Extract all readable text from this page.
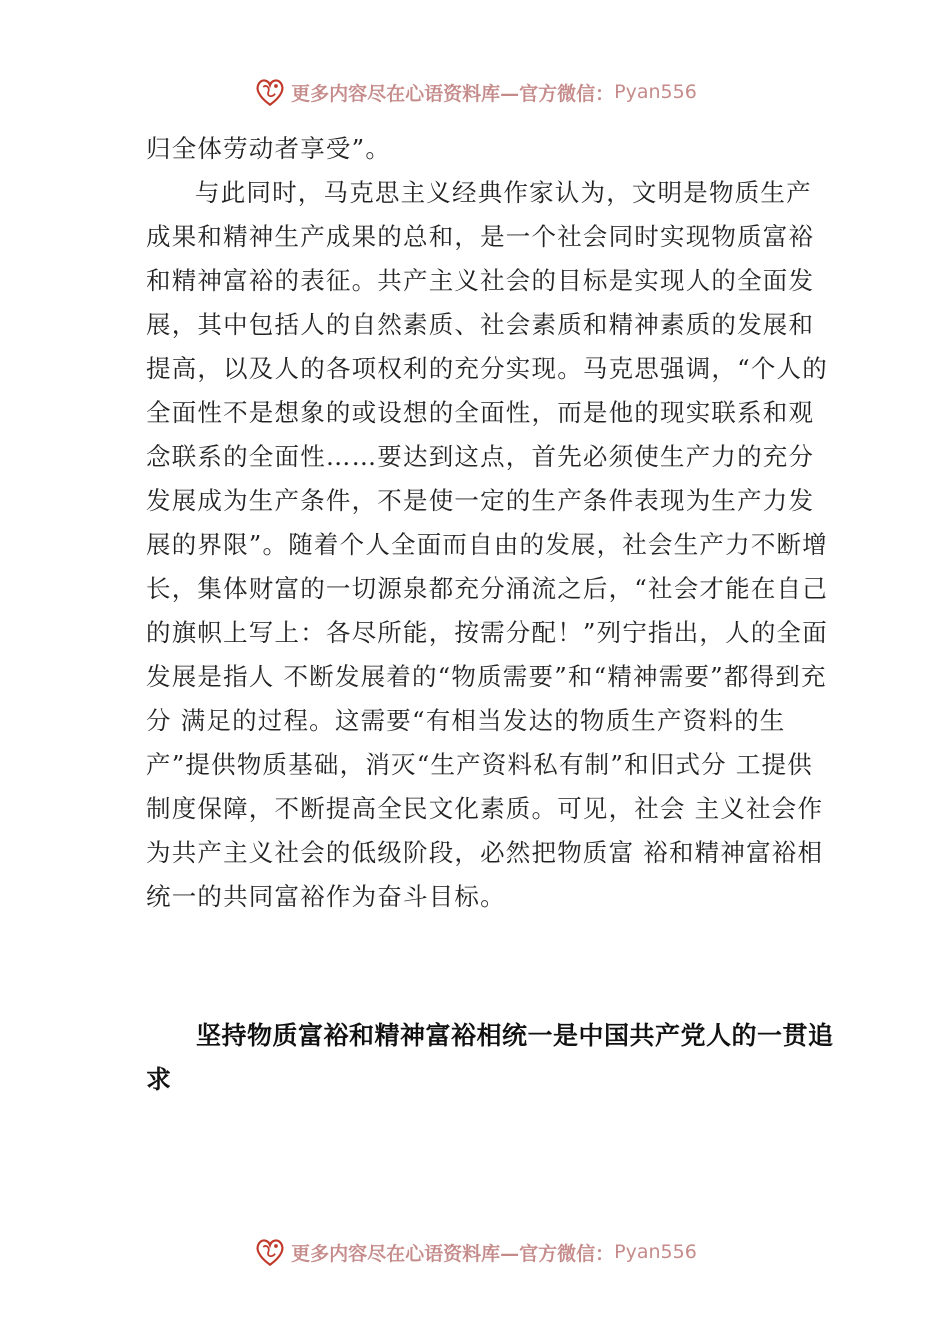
更多内容尽在心语资料库—官方微信： Pyan556

归全体劳动者享受”。

与此同时，马克思主义经典作家认为，文明是物质生产成果和精神生产成果的总和，是一个社会同时实现物质富裕和精神富裕的表征。共产主义社会的目标是实现人的全面发展，其中包括人的自然素质、社会素质和精神素质的发展和提高，以及人的各项权利的充分实现。马克思强调，“个人的全面性不是想象的或设想的全面性，而是他的现实联系和观念联系的全面性……要达到这点，首先必须使生产力的充分发展成为生产条件，不是使一定的生产条件表现为生产力发展的界限”。随着个人全面而自由的发展，社会生产力不断增长，集体财富的一切源泉都充分涌流之后，“社会才能在自己的旗帜上写上：各尽所能，按需分配！”列宁指出，人的全面发展是指人 不断发展着的“物质需要”和“精神需要”都得到充分 满足的过程。这需要“有相当发达的物质生产资料的生 产”提供物质基础，消灭“生产资料私有制”和旧式分 工提供制度保障，不断提高全民文化素质。可见，社会 主义社会作为共产主义社会的低级阶段，必然把物质富 裕和精神富裕相统一的共同富裕作为奋斗目标。

坚持物质富裕和精神富裕相统一是中国共产党人的一贯追求
更多内容尽在心语资料库—官方微信： Pyan556
